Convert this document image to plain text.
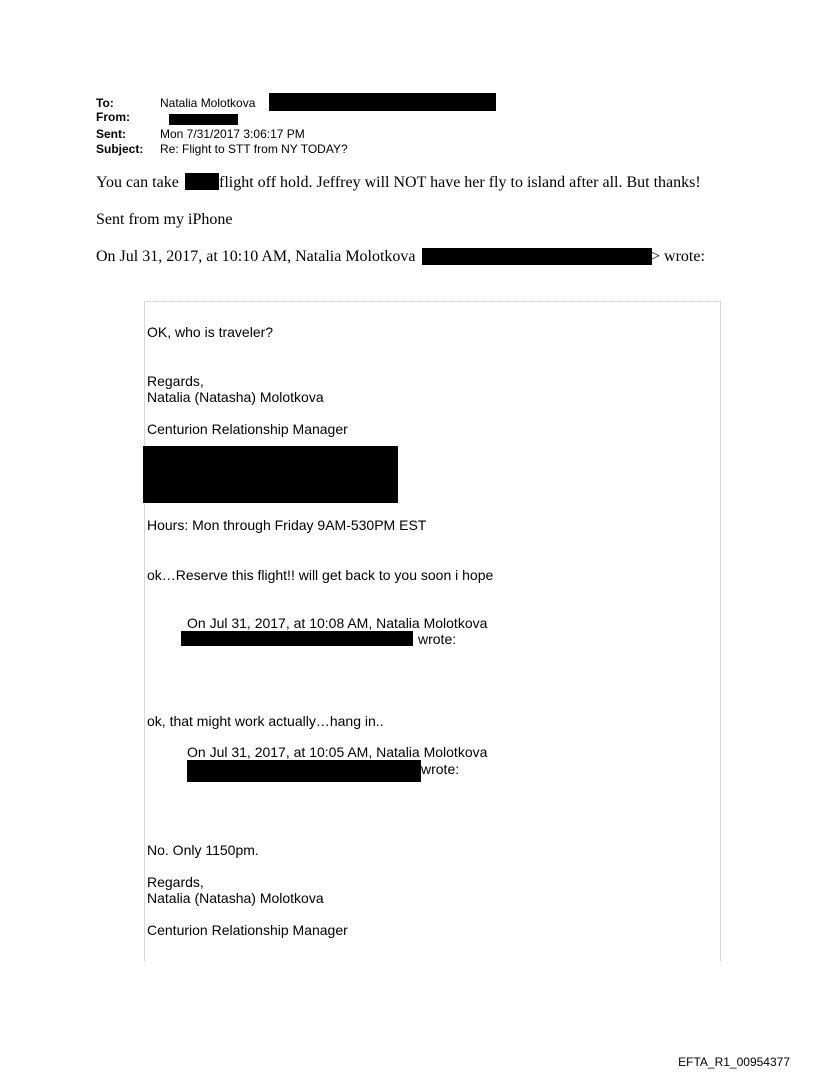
To:	Natalia Molotkova
From:
Sent:	Mon 7/31/2017 3:06:17 PM
Subject: Re: Flight to STT from NY TODAY?
You can take	flight off hold. Jeffrey will NOT have her fly to island after all. But thanks!
Sent from my iPhone
On Jul 31, 2017, at 10:10 AM, Natalia Molotkova	> wrote:
OK, who is traveler?
Regards,
Natalia (Natasha) Molotkova
Centurion Relationship Manager
Hours: Mon through Friday 9AM-530PM EST
ok…Reserve this flight!! will get back to you soon i hope
On Jul 31, 2017, at 10:08 AM, Natalia Molotkova
wrote:
ok, that might work actually…hang in..
On Jul 31, 2017, at 10:05 AM, Natalia Molotkova
wrote:
No. Only 1150pm.
Regards,
Natalia (Natasha) Molotkova
Centurion Relationship Manager
EFTA_R1_00954377
